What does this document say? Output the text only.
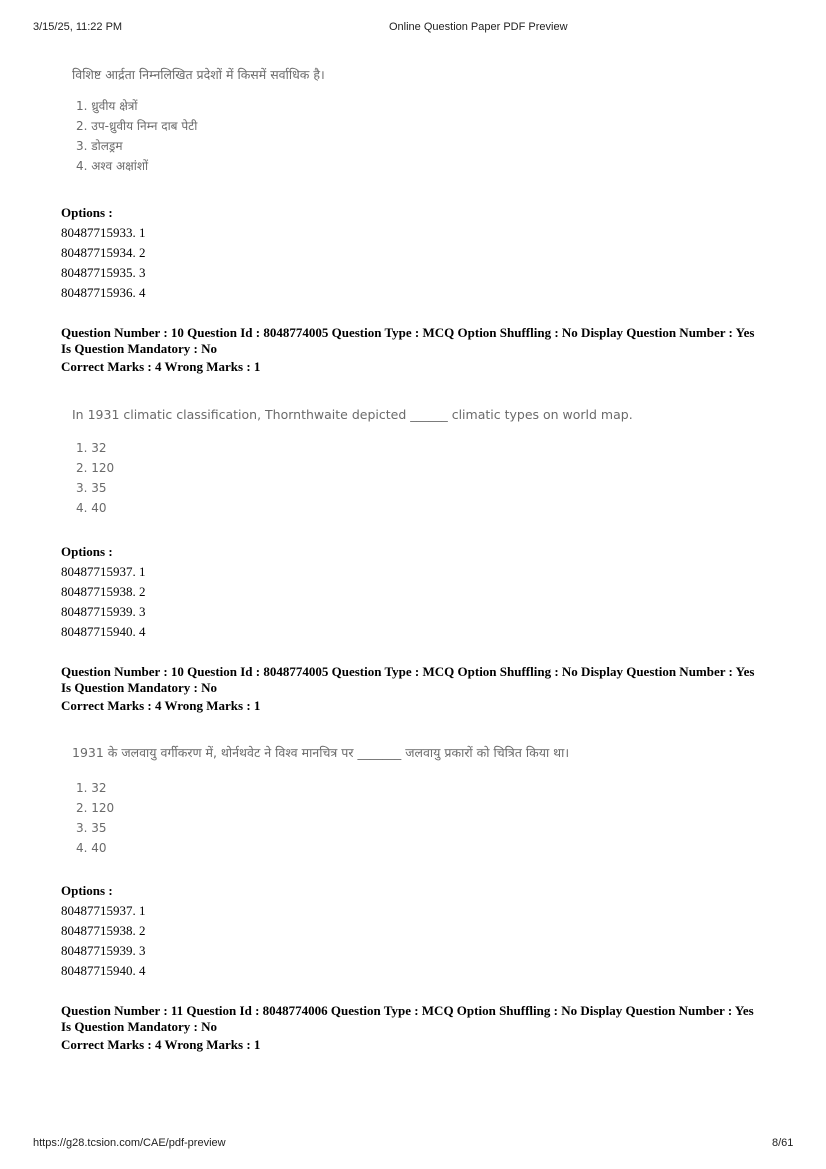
3/15/25, 11:22 PM	Online Question Paper PDF Preview
विशिष्ट आर्द्रता निम्नलिखित प्रदेशों में किसमें सर्वाधिक है।
1. ध्रुवीय क्षेत्रों
2. उप-ध्रुवीय निम्न दाब पेटी
3. डोलड्रम
4. अश्व अक्षांशों
Options :
80487715933. 1
80487715934. 2
80487715935. 3
80487715936. 4
Question Number : 10 Question Id : 8048774005 Question Type : MCQ Option Shuffling : No Display Question Number : Yes
Is Question Mandatory : No
Correct Marks : 4 Wrong Marks : 1
In 1931 climatic classification, Thornthwaite depicted ______ climatic types on world map.
1. 32
2. 120
3. 35
4. 40
Options :
80487715937. 1
80487715938. 2
80487715939. 3
80487715940. 4
Question Number : 10 Question Id : 8048774005 Question Type : MCQ Option Shuffling : No Display Question Number : Yes
Is Question Mandatory : No
Correct Marks : 4 Wrong Marks : 1
1931 के जलवायु वर्गीकरण में, थोर्नथवेट ने विश्व मानचित्र पर _______ जलवायु प्रकारों को चित्रित किया था।
1. 32
2. 120
3. 35
4. 40
Options :
80487715937. 1
80487715938. 2
80487715939. 3
80487715940. 4
Question Number : 11 Question Id : 8048774006 Question Type : MCQ Option Shuffling : No Display Question Number : Yes
Is Question Mandatory : No
Correct Marks : 4 Wrong Marks : 1
https://g28.tcsion.com/CAE/pdf-preview	8/61
